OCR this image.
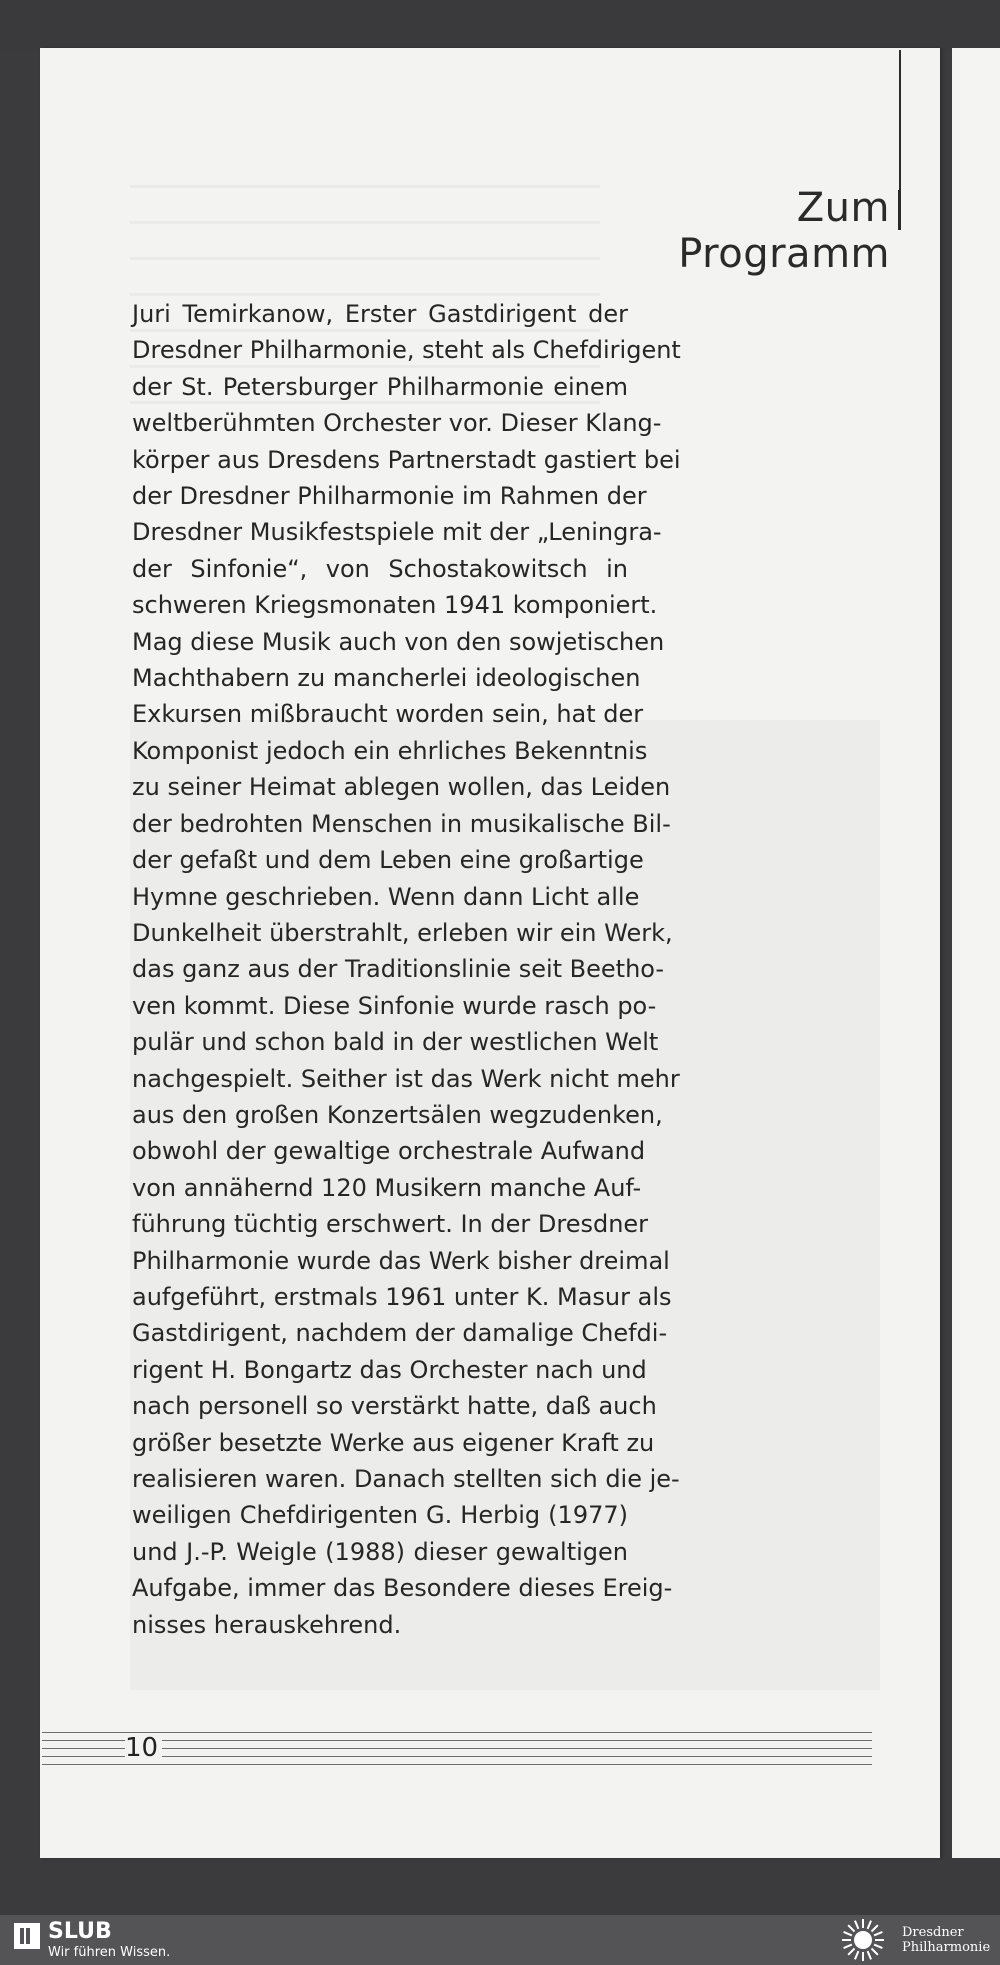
Zum Programm

Juri Temirkanow, Erster Gastdirigent der
Dresdner Philharmonie, steht als Chefdirigent
der St. Petersburger Philharmonie einem
weltberühmten Orchester vor. Dieser Klang-
körper aus Dresdens Partnerstadt gastiert bei
der Dresdner Philharmonie im Rahmen der
Dresdner Musikfestspiele mit der „Leningra-
der Sinfonie“, von Schostakowitsch in
schweren Kriegsmonaten 1941 komponiert.
Mag diese Musik auch von den sowjetischen
Machthabern zu mancherlei ideologischen
Exkursen mißbraucht worden sein, hat der
Komponist jedoch ein ehrliches Bekenntnis
zu seiner Heimat ablegen wollen, das Leiden
der bedrohten Menschen in musikalische Bil-
der gefaßt und dem Leben eine großartige
Hymne geschrieben. Wenn dann Licht alle
Dunkelheit überstrahlt, erleben wir ein Werk,
das ganz aus der Traditionslinie seit Beetho-
ven kommt. Diese Sinfonie wurde rasch po-
pulär und schon bald in der westlichen Welt
nachgespielt. Seither ist das Werk nicht mehr
aus den großen Konzertsälen wegzudenken,
obwohl der gewaltige orchestrale Aufwand
von annähernd 120 Musikern manche Auf-
führung tüchtig erschwert. In der Dresdner
Philharmonie wurde das Werk bisher dreimal
aufgeführt, erstmals 1961 unter K. Masur als
Gastdirigent, nachdem der damalige Chefdi-
rigent H. Bongartz das Orchester nach und
nach personell so verstärkt hatte, daß auch
größer besetzte Werke aus eigener Kraft zu
realisieren waren. Danach stellten sich die je-
weiligen Chefdirigenten G. Herbig (1977)
und J.-P. Weigle (1988) dieser gewaltigen
Aufgabe, immer das Besondere dieses Ereig-
nisses herauskehrend.

10
SLUB
Wir führen Wissen.
Dresdner
Philharmonie
